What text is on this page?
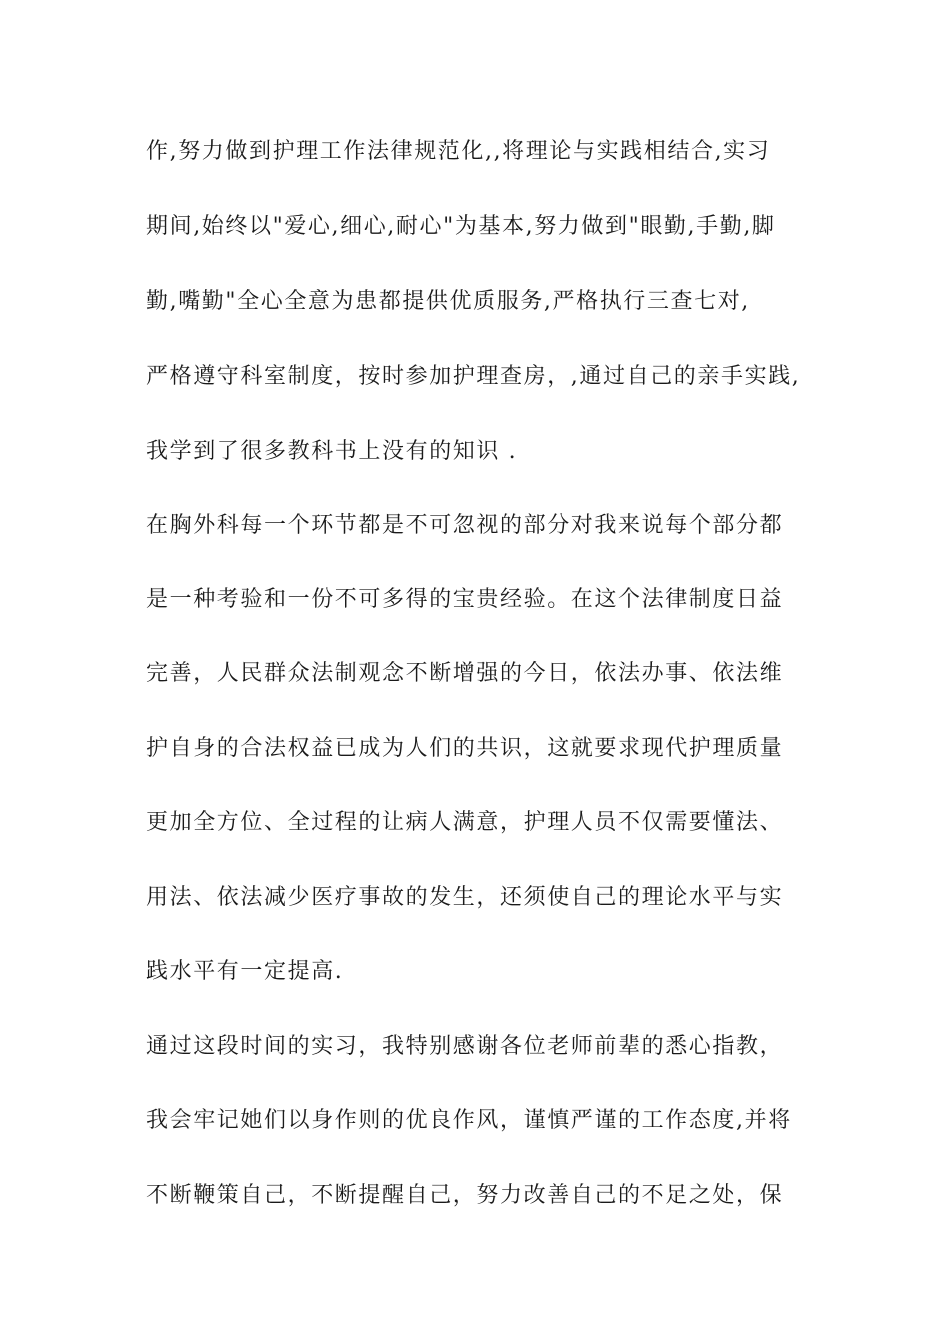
作,努力做到护理工作法律规范化,,将理论与实践相结合,实习
期间,始终以"爱心,细心,耐心"为基本,努力做到"眼勤,手勤,脚
勤,嘴勤"全心全意为患都提供优质服务,严格执行三查七对,
严格遵守科室制度，按时参加护理查房，,通过自己的亲手实践,
我学到了很多教科书上没有的知识 .
在胸外科每一个环节都是不可忽视的部分对我来说每个部分都
是一种考验和一份不可多得的宝贵经验。在这个法律制度日益
完善，人民群众法制观念不断增强的今日，依法办事、依法维
护自身的合法权益已成为人们的共识，这就要求现代护理质量
更加全方位、全过程的让病人满意，护理人员不仅需要懂法、
用法、依法减少医疗事故的发生，还须使自己的理论水平与实
践水平有一定提高.
通过这段时间的实习，我特别感谢各位老师前辈的悉心指教，
我会牢记她们以身作则的优良作风，谨慎严谨的工作态度,并将
不断鞭策自己，不断提醒自己，努力改善自己的不足之处，保
